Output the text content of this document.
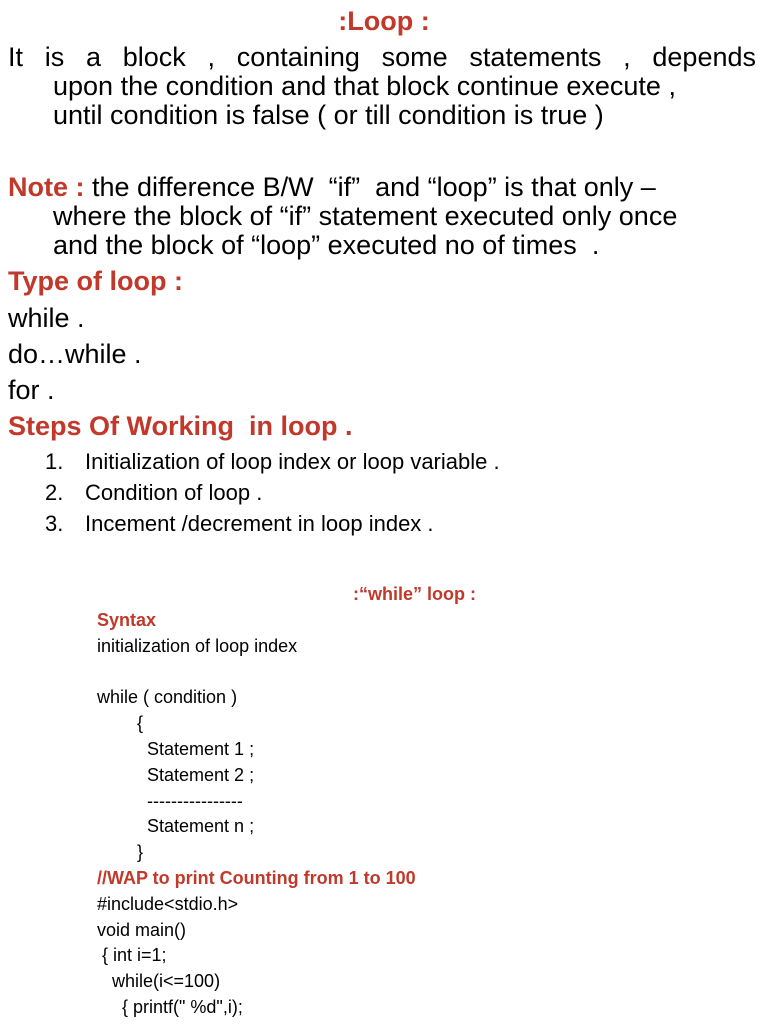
:Loop :
It is a block , containing some statements , depends
upon the condition and that block continue execute ,
until condition is false ( or till condition is true )
Note : the difference B/W  “if”  and “loop” is that only –
where the block of “if” statement executed only once
and the block of “loop” executed no of times  .
Type of loop :
while .
do…while .
for .
Steps Of Working  in loop .
1. Initialization of loop index or loop variable .
2. Condition of loop .
3. Incement /decrement in loop index .
:“while” loop :
Syntax
initialization of loop index
while ( condition )
{
Statement 1 ;
Statement 2 ;
----------------
Statement n ;
}
//WAP to print Counting from 1 to 100
#include<stdio.h>
void main()
{ int i=1;
while(i<=100)
{ printf(" %d",i);
